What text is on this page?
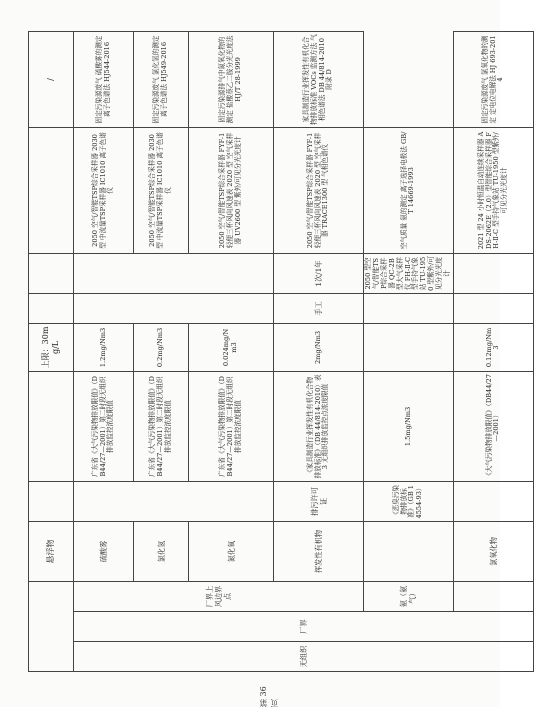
			悬浮物			上限：30mg/L				/
无组织	厂界	厂界上风边界点	硫酸雾		广东省《大气污染物排放限值》（DB44/27—2001）第二时段无组织排放监控浓度限值	1.2mg/Nm3			2050 空气/智能TSP综合采样器 2030 型 中流量TSP采样器 IC1010 离子色谱仪	固定污染源废气 硫酸雾的测定 离子色谱法 HJ544-2016
			氯化氢		广东省《大气污染物排放限值》（DB44/27—2001）第二时段无组织排放监控浓度限值	0.2mg/Nm3			2050 空气/智能TSP综合采样器 2030 型 中流量TSP采样器 IC1010 离子色谱仪	固定污染源废气 氯化氢的测定 离子色谱法 HJ549-2016
			氮化氧		广东省《大气污染物排放限值》（DB44/27—2001）第二时段无组织排放监控浓度限值	0.024mg/Nm3			2050 空气/智能TSP综合采样器 FYF-1 轻便三杯风向风速表 2020 型 空气采样器 UV2600 型 紫外/可见分光光度计	固定污染源排气中氮氧化物的测定 盐酸萘乙二胺分光光度法 HJ/T 28-1999
			挥发性有机物	排污许可证	《家具制造行业挥发性有机化合物排放标准》（DB 44/814-2010）表3 无组织排放监控点浓度限值	2mg/Nm3	手工	1次/1年	2050 空气/智能TSP综合采样器 FYF-1 轻便三杯风向风速表 2020 型 空气采样器 TRACE1300 型 气相色谱仪	家具制造行业挥发性有机化合物排放标准 VOCs 监测方法 气相色谱法 DB 44/814-2010 附录 D
		氨（氨气）		《恶臭污染物排放标准》（GB 14554-93）	1.5mg/Nm3			2050 型空气/智能TSP综合采样器 QC-2B 型大气采样仪 FH-Ⅱ-C 型手持气象站 TU-1950 型紫外/可见分光光度计	空气质量 氨的测定 离子选择电极法 GB/T 14669-1993	
			氯氧化物		《大气污染物排放限值》（DB44/27—2001）	0.12mg/Nm3			2021 型 24 小时恒温自动连续采样器 ADS-2062E（2.0）型智能综合采样器 FH-Ⅱ-C 型手持气象站 TU-1950 型紫外/可见分光光度计	固定污染源废气 氯氧化物的测定 定电位电解法 HJ 693-2014
第 36 页
